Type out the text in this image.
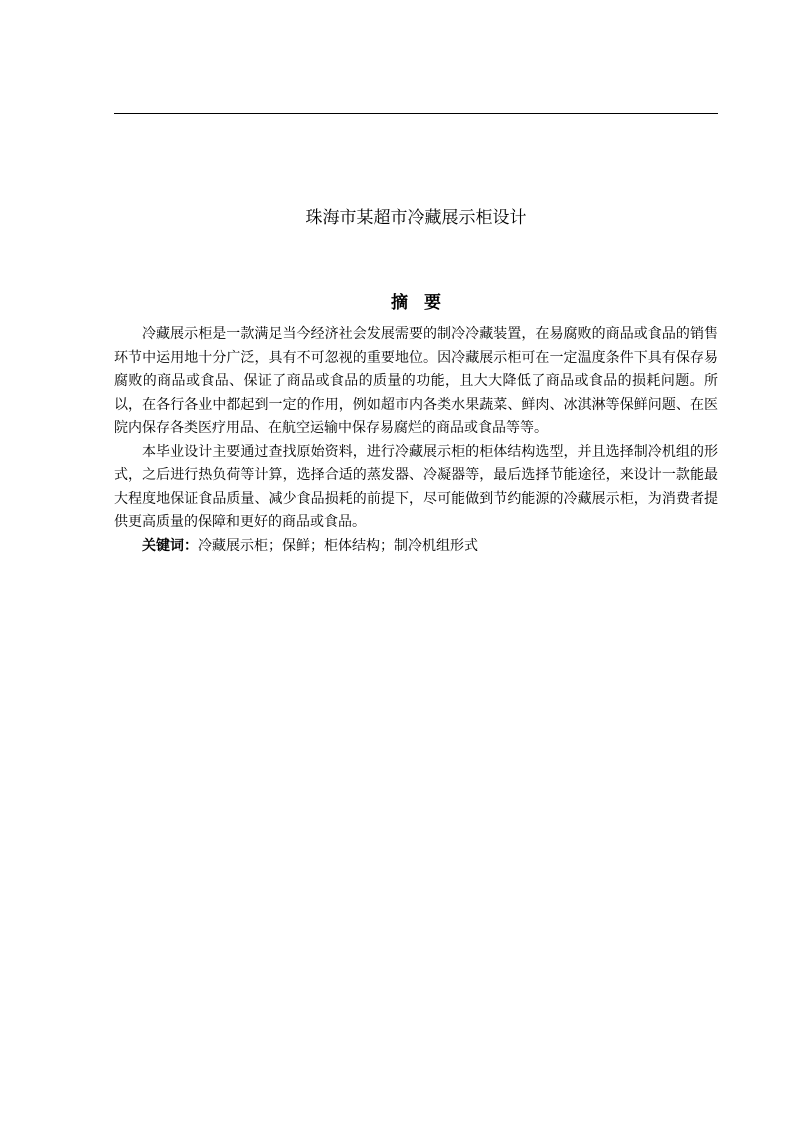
珠海市某超市冷藏展示柜设计
摘要

冷藏展示柜是一款满足当今经济社会发展需要的制冷冷藏装置，在易腐败的商品或食品的销售环节中运用地十分广泛，具有不可忽视的重要地位。因冷藏展示柜可在一定温度条件下具有保存易腐败的商品或食品、保证了商品或食品的质量的功能，且大大降低了商品或食品的损耗问题。所以，在各行各业中都起到一定的作用，例如超市内各类水果蔬菜、鲜肉、冰淇淋等保鲜问题、在医院内保存各类医疗用品、在航空运输中保存易腐烂的商品或食品等等。

本毕业设计主要通过查找原始资料，进行冷藏展示柜的柜体结构选型，并且选择制冷机组的形式，之后进行热负荷等计算，选择合适的蒸发器、冷凝器等，最后选择节能途径，来设计一款能最大程度地保证食品质量、减少食品损耗的前提下，尽可能做到节约能源的冷藏展示柜，为消费者提供更高质量的保障和更好的商品或食品。

关键词：冷藏展示柜；保鲜；柜体结构；制冷机组形式
